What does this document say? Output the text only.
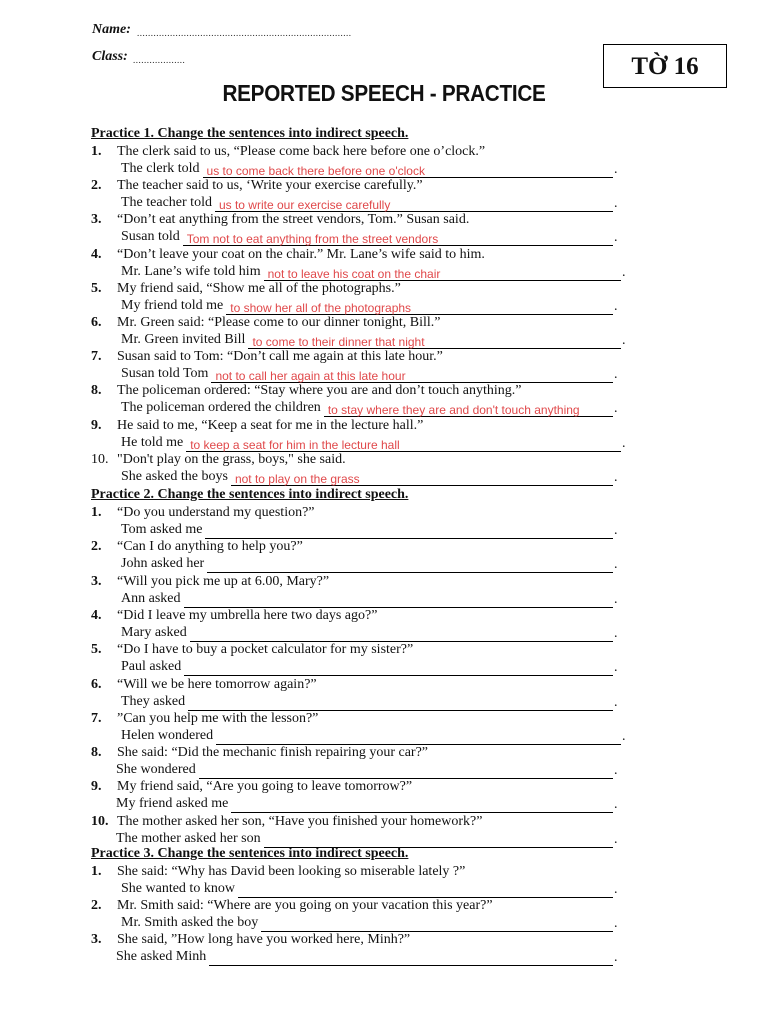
Name: ..............................................................................
Class: ...................	TỜ 16
REPORTED SPEECH - PRACTICE
Practice 1. Change the sentences into indirect speech.
1. The clerk said to us, “Please come back here before one o’clock.”
The clerk told us to come back there before one o'clock	.
2. The teacher said to us, ‘Write your exercise carefully.”
The teacher told us to write our exercise carefully	.
3. “Don’t eat anything from the street vendors, Tom.” Susan said.
Susan told Tom not to eat anything from the street vendors	.
4. “Don’t leave your coat on the chair.” Mr. Lane’s wife said to him.
Mr. Lane’s wife told him not to leave his coat on the chair	.
5. My friend said, “Show me all of the photographs.”
My friend told me to show her all of the photographs	.
6. Mr. Green said: “Please come to our dinner tonight, Bill.”
Mr. Green invited Bill to come to their dinner that night	.
7. Susan said to Tom: “Don’t call me again at this late hour.”
Susan told Tom not to call her again at this late hour	.
8. The policeman ordered: “Stay where you are and don’t touch anything.”
The policeman ordered the children to stay where they are and don't touch anything .
9. He said to me, “Keep a seat for me in the lecture hall.”
He told me to keep a seat for him in the lecture hall	.
10. "Don't play on the grass, boys," she said.
She asked the boys not to play on the grass	.
Practice 2. Change the sentences into indirect speech.
1. “Do you understand my question?”
Tom asked me	.
2. “Can I do anything to help you?”
John asked her	.
3. “Will you pick me up at 6.00, Mary?”
Ann asked	.
4. “Did I leave my umbrella here two days ago?”
Mary asked	.
5. “Do I have to buy a pocket calculator for my sister?”
Paul asked	.
6. “Will we be here tomorrow again?”
They asked	.
7. ”Can you help me with the lesson?”
Helen wondered	.
8. She said: “Did the mechanic finish repairing your car?”
She wondered	.
9. My friend said, “Are you going to leave tomorrow?”
My friend asked me	.
10. The mother asked her son, “Have you finished your homework?”
The mother asked her son	.
Practice 3. Change the sentences into indirect speech.
1. She said: “Why has David been looking so miserable lately ?”
She wanted to know	.
2. Mr. Smith said: “Where are you going on your vacation this year?”
Mr. Smith asked the boy	.
3. She said, ”How long have you worked here, Minh?”
She asked Minh	.
